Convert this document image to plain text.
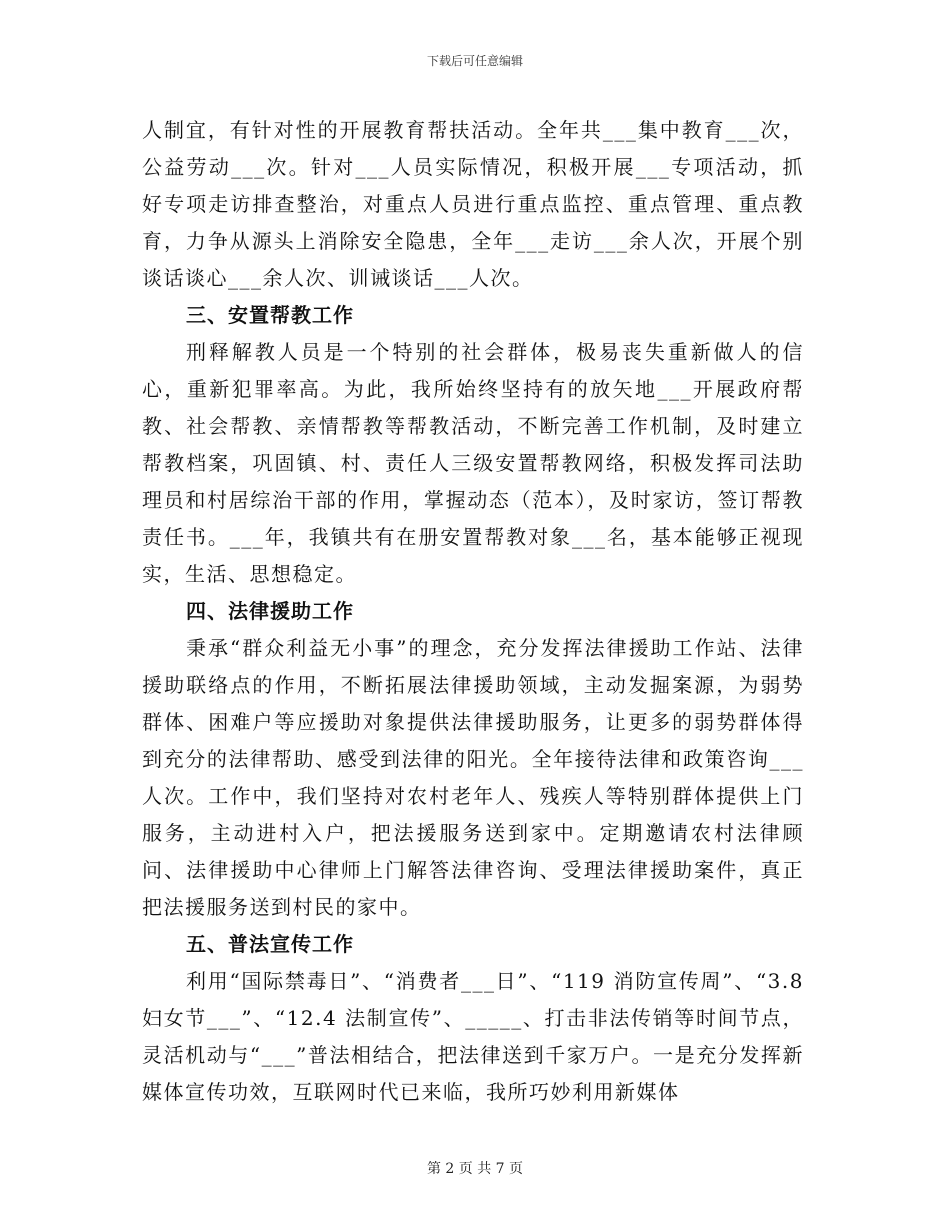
下载后可任意编辑

人制宜，有针对性的开展教育帮扶活动。全年共___集中教育___次，公益劳动___次。针对___人员实际情况，积极开展___专项活动，抓好专项走访排查整治，对重点人员进行重点监控、重点管理、重点教育，力争从源头上消除安全隐患，全年___走访___余人次，开展个别谈话谈心___余人次、训诫谈话___人次。

三、安置帮教工作

刑释解教人员是一个特别的社会群体，极易丧失重新做人的信心，重新犯罪率高。为此，我所始终坚持有的放矢地___开展政府帮教、社会帮教、亲情帮教等帮教活动，不断完善工作机制，及时建立帮教档案，巩固镇、村、责任人三级安置帮教网络，积极发挥司法助理员和村居综治干部的作用，掌握动态（范本），及时家访，签订帮教责任书。___年，我镇共有在册安置帮教对象___名，基本能够正视现实，生活、思想稳定。

四、法律援助工作

秉承“群众利益无小事”的理念，充分发挥法律援助工作站、法律援助联络点的作用，不断拓展法律援助领域，主动发掘案源，为弱势群体、困难户等应援助对象提供法律援助服务，让更多的弱势群体得到充分的法律帮助、感受到法律的阳光。全年接待法律和政策咨询___人次。工作中，我们坚持对农村老年人、残疾人等特别群体提供上门服务，主动进村入户，把法援服务送到家中。定期邀请农村法律顾问、法律援助中心律师上门解答法律咨询、受理法律援助案件，真正把法援服务送到村民的家中。

五、普法宣传工作

利用“国际禁毒日”、“消费者___日”、“119 消防宣传周”、“3.8 妇女节___”、“12.4 法制宣传”、_____、打击非法传销等时间节点，灵活机动与“___”普法相结合，把法律送到千家万户。一是充分发挥新媒体宣传功效，互联网时代已来临，我所巧妙利用新媒体

第 2 页 共 7 页
